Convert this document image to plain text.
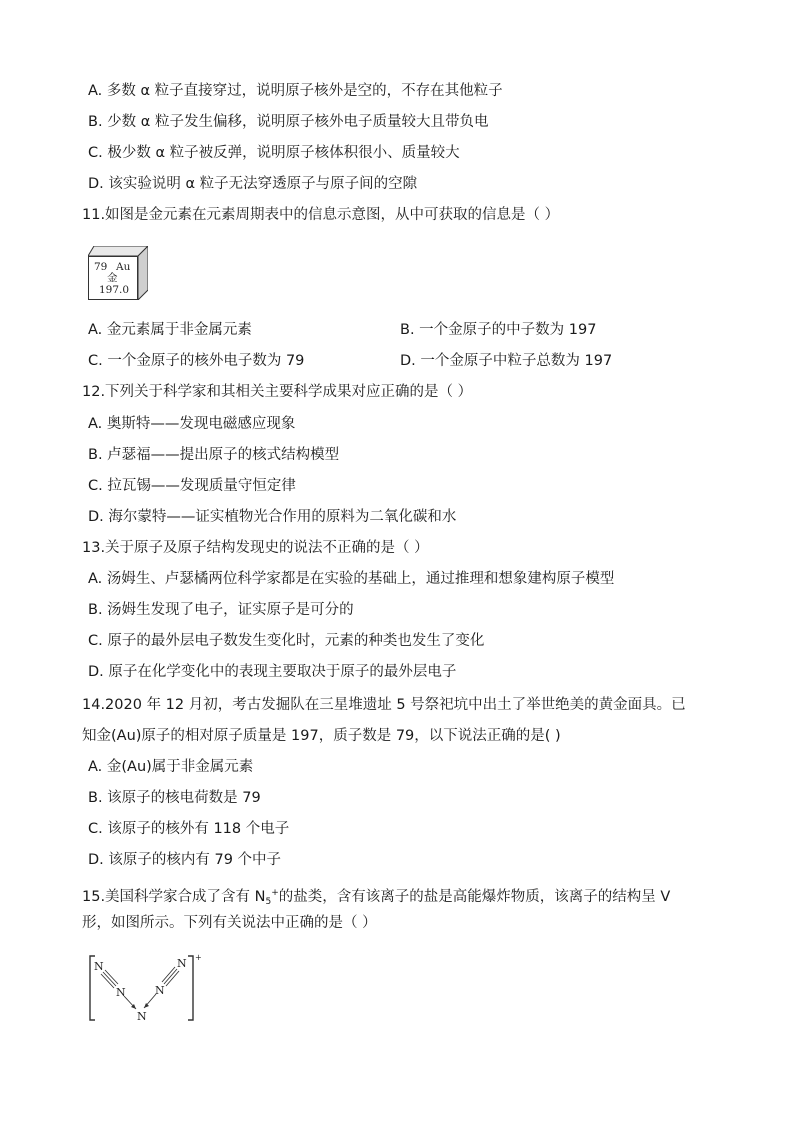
A. 多数 α 粒子直接穿过，说明原子核外是空的，不存在其他粒子
B. 少数 α 粒子发生偏移，说明原子核外电子质量较大且带负电
C. 极少数 α 粒子被反弹，说明原子核体积很小、质量较大
D. 该实验说明 α 粒子无法穿透原子与原子间的空隙
11.如图是金元素在元素周期表中的信息示意图，从中可获取的信息是（ ）
79 Au
金
197.0
A. 金元素属于非金属元素	B. 一个金原子的中子数为 197
C. 一个金原子的核外电子数为 79	D. 一个金原子中粒子总数为 197
12.下列关于科学家和其相关主要科学成果对应正确的是（ ）
A. 奥斯特——发现电磁感应现象
B. 卢瑟福——提出原子的核式结构模型
C. 拉瓦锡——发现质量守恒定律
D. 海尔蒙特——证实植物光合作用的原料为二氧化碳和水
13.关于原子及原子结构发现史的说法不正确的是（ ）
A. 汤姆生、卢瑟橘两位科学家都是在实验的基础上，通过推理和想象建构原子模型
B. 汤姆生发现了电子，证实原子是可分的
C. 原子的最外层电子数发生变化时，元素的种类也发生了变化
D. 原子在化学变化中的表现主要取决于原子的最外层电子
14.2020 年 12 月初，考古发掘队在三星堆遗址 5 号祭祀坑中出土了举世绝美的黄金面具。已
知金(Au)原子的相对原子质量是 197，质子数是 79，以下说法正确的是( )
A. 金(Au)属于非金属元素
B. 该原子的核电荷数是 79
C. 该原子的核外有 118 个电子
D. 该原子的核内有 79 个中子
15.美国科学家合成了含有 $N_5^+$的盐类，含有该离子的盐是高能爆炸物质，该离子的结构呈 V
形，如图所示。下列有关说法中正确的是（ ）
N
N
N
N
N +
